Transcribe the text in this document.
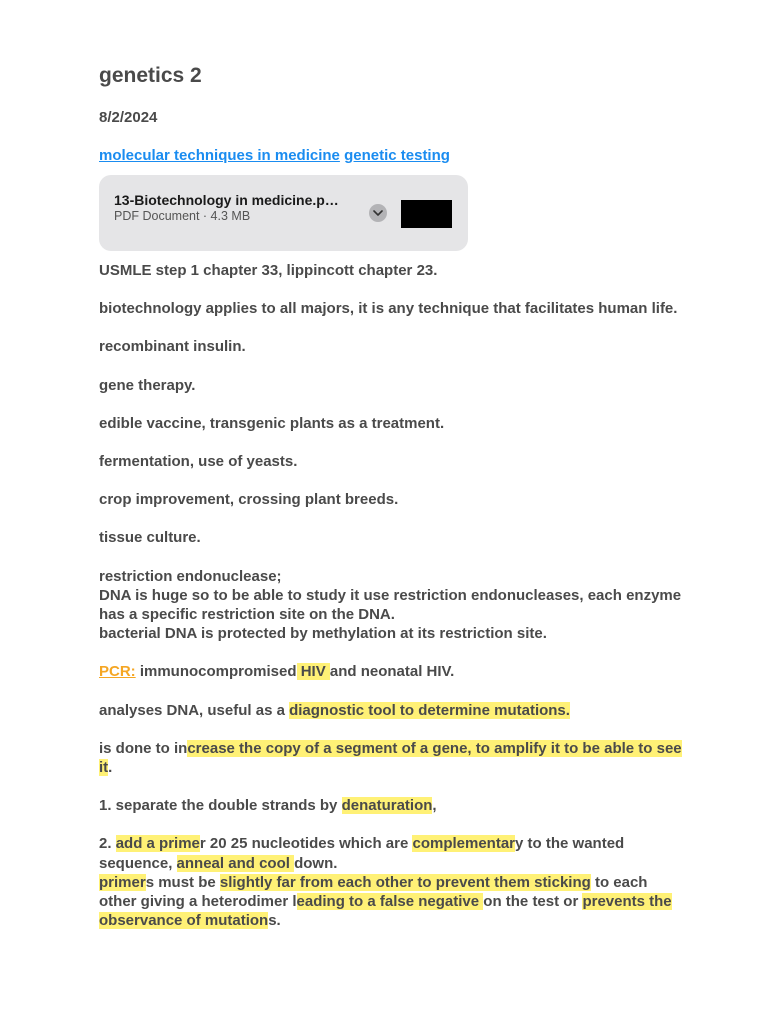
genetics 2
8/2/2024
molecular techniques in medicine genetic testing
13-Biotechnology in medicine.p…
PDF Document · 4.3 MB

USMLE step 1 chapter 33, lippincott chapter 23.

biotechnology applies to all majors, it is any technique that facilitates human life.

recombinant insulin.

gene therapy.

edible vaccine, transgenic plants as a treatment.

fermentation, use of yeasts.

crop improvement, crossing plant breeds.

tissue culture.

restriction endonuclease;
DNA is huge so to be able to study it use restriction endonucleases, each enzyme has a specific restriction site on the DNA.
bacterial DNA is protected by methylation at its restriction site.

PCR: immunocompromised HIV and neonatal HIV.

analyses DNA, useful as a diagnostic tool to determine mutations.

is done to increase the copy of a segment of a gene, to amplify it to be able to see it.

1. separate the double strands by denaturation,

2. add a primer 20 25 nucleotides which are complementary to the wanted sequence, anneal and cool down.

primers must be slightly far from each other to prevent them sticking to each other giving a heterodimer leading to a false negative on the test or prevents the observance of mutations.
